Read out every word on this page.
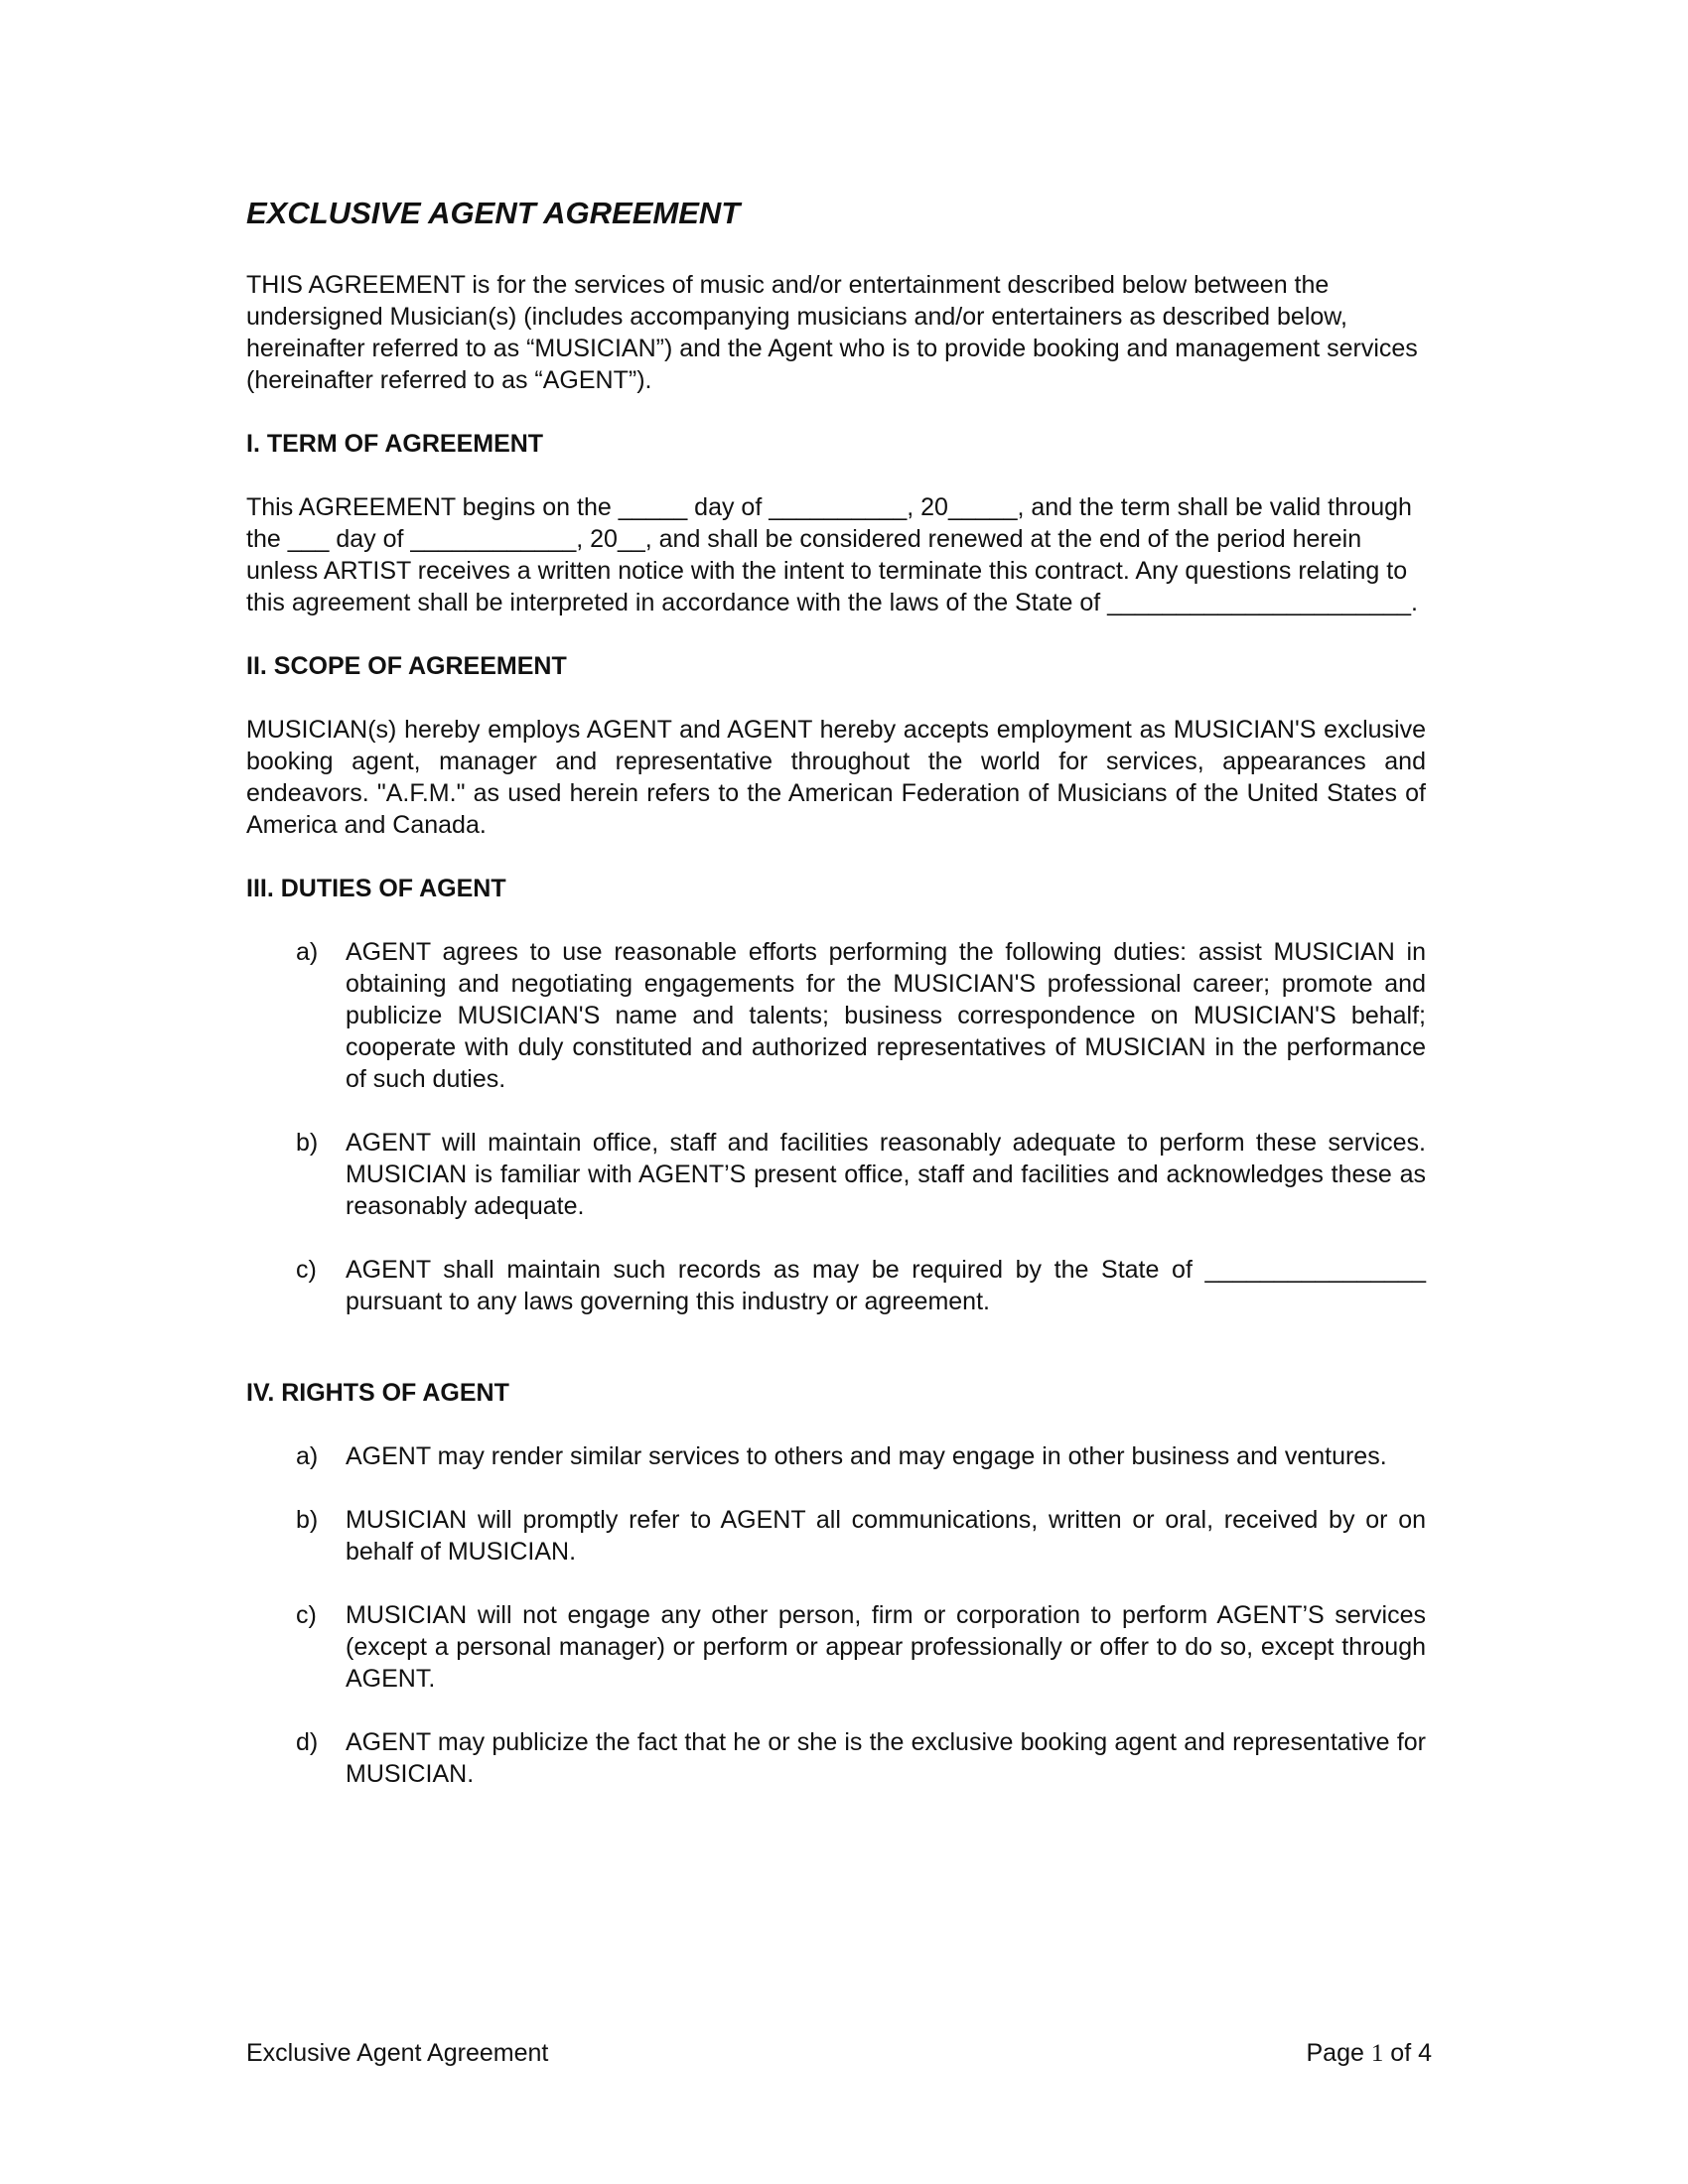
EXCLUSIVE AGENT AGREEMENT

THIS AGREEMENT is for the services of music and/or entertainment described below between the undersigned Musician(s) (includes accompanying musicians and/or entertainers as described below, hereinafter referred to as “MUSICIAN”) and the Agent who is to provide booking and management services (hereinafter referred to as “AGENT”).

I. TERM OF AGREEMENT

This AGREEMENT begins on the _____ day of __________, 20_____, and the term shall be valid through the ___ day of ____________, 20__, and shall be considered renewed at the end of the period herein unless ARTIST receives a written notice with the intent to terminate this contract. Any questions relating to this agreement shall be interpreted in accordance with the laws of the State of ______________________.

II. SCOPE OF AGREEMENT

MUSICIAN(s) hereby employs AGENT and AGENT hereby accepts employment as MUSICIAN'S exclusive booking agent, manager and representative throughout the world for services, appearances and endeavors. "A.F.M." as used herein refers to the American Federation of Musicians of the United States of America and Canada.

III. DUTIES OF AGENT
a)	AGENT agrees to use reasonable efforts performing the following duties: assist MUSICIAN in obtaining and negotiating engagements for the MUSICIAN'S professional career; promote and publicize MUSICIAN'S name and talents; business correspondence on MUSICIAN'S behalf; cooperate with duly constituted and authorized representatives of MUSICIAN in the performance of such duties.
b)	AGENT will maintain office, staff and facilities reasonably adequate to perform these services. MUSICIAN is familiar with AGENT’S present office, staff and facilities and acknowledges these as reasonably adequate.
c)	AGENT shall maintain such records as may be required by the State of ________________ pursuant to any laws governing this industry or agreement.
IV. RIGHTS OF AGENT
a)	AGENT may render similar services to others and may engage in other business and ventures.
b)	MUSICIAN will promptly refer to AGENT all communications, written or oral, received by or on behalf of MUSICIAN.
c)	MUSICIAN will not engage any other person, firm or corporation to perform AGENT’S services (except a personal manager) or perform or appear professionally or offer to do so, except through AGENT.
d)	AGENT may publicize the fact that he or she is the exclusive booking agent and representative for MUSICIAN.
Exclusive Agent Agreement	Page 1 of 4
